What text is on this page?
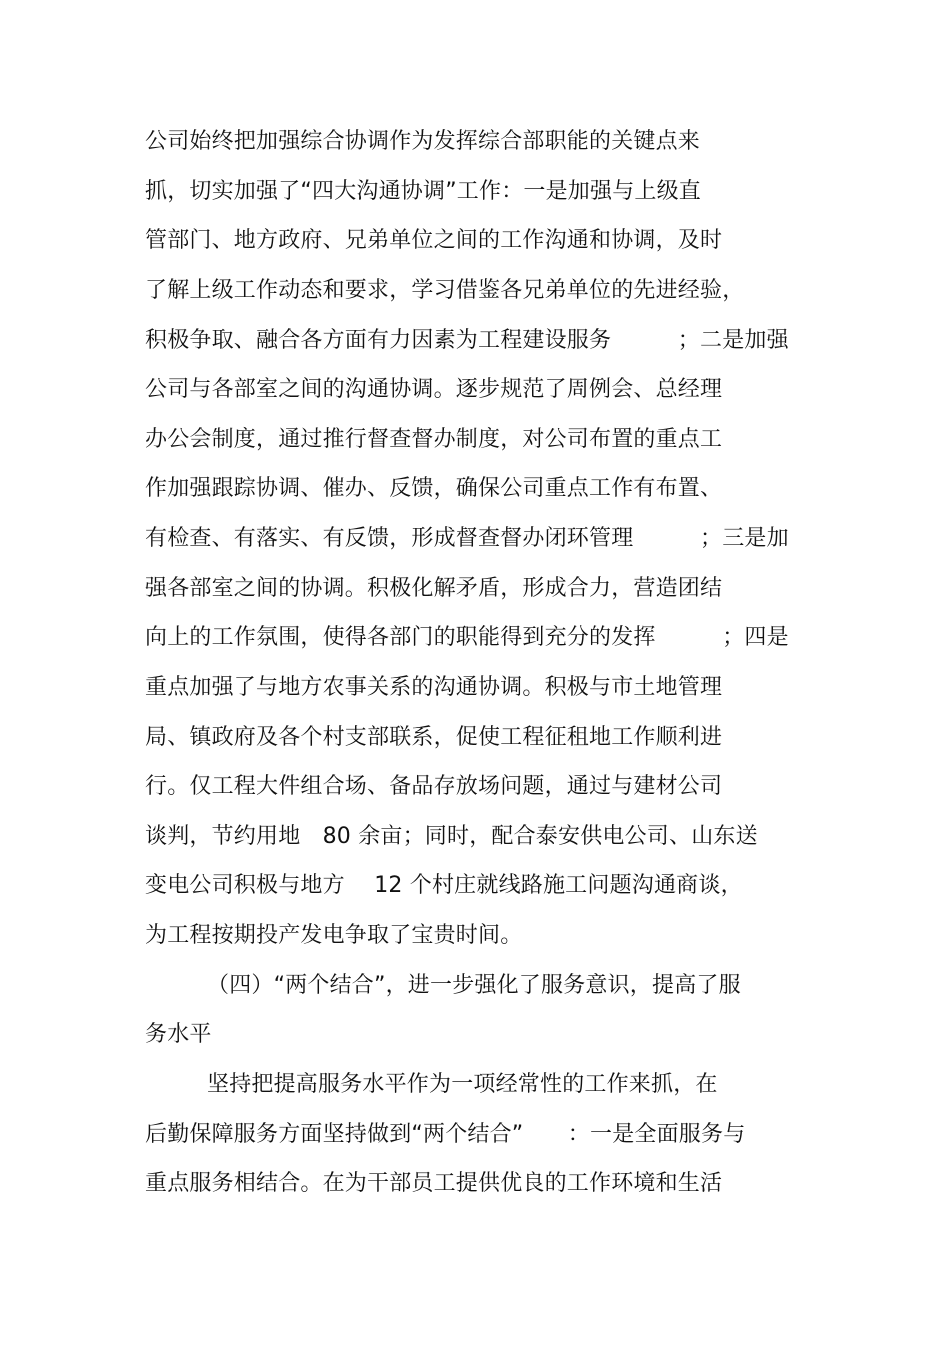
公司始终把加强综合协调作为发挥综合部职能的关键点来
抓，切实加强了“四大沟通协调”工作：一是加强与上级直
管部门、地方政府、兄弟单位之间的工作沟通和协调，及时
了解上级工作动态和要求，学习借鉴各兄弟单位的先进经验，
积极争取、融合各方面有力因素为工程建设服务　　　；二是加强
公司与各部室之间的沟通协调。逐步规范了周例会、总经理
办公会制度，通过推行督查督办制度，对公司布置的重点工
作加强跟踪协调、催办、反馈，确保公司重点工作有布置、
有检查、有落实、有反馈，形成督查督办闭环管理　　　；三是加
强各部室之间的协调。积极化解矛盾，形成合力，营造团结
向上的工作氛围，使得各部门的职能得到充分的发挥　　　；四是
重点加强了与地方农事关系的沟通协调。积极与市土地管理
局、镇政府及各个村支部联系，促使工程征租地工作顺利进
行。仅工程大件组合场、备品存放场问题，通过与建材公司
谈判，节约用地　80 余亩；同时，配合泰安供电公司、山东送
变电公司积极与地方　 12 个村庄就线路施工问题沟通商谈，
为工程按期投产发电争取了宝贵时间。
（四）“两个结合”，进一步强化了服务意识，提高了服
务水平
坚持把提高服务水平作为一项经常性的工作来抓，在
后勤保障服务方面坚持做到“两个结合”　　：一是全面服务与
重点服务相结合。在为干部员工提供优良的工作环境和生活
